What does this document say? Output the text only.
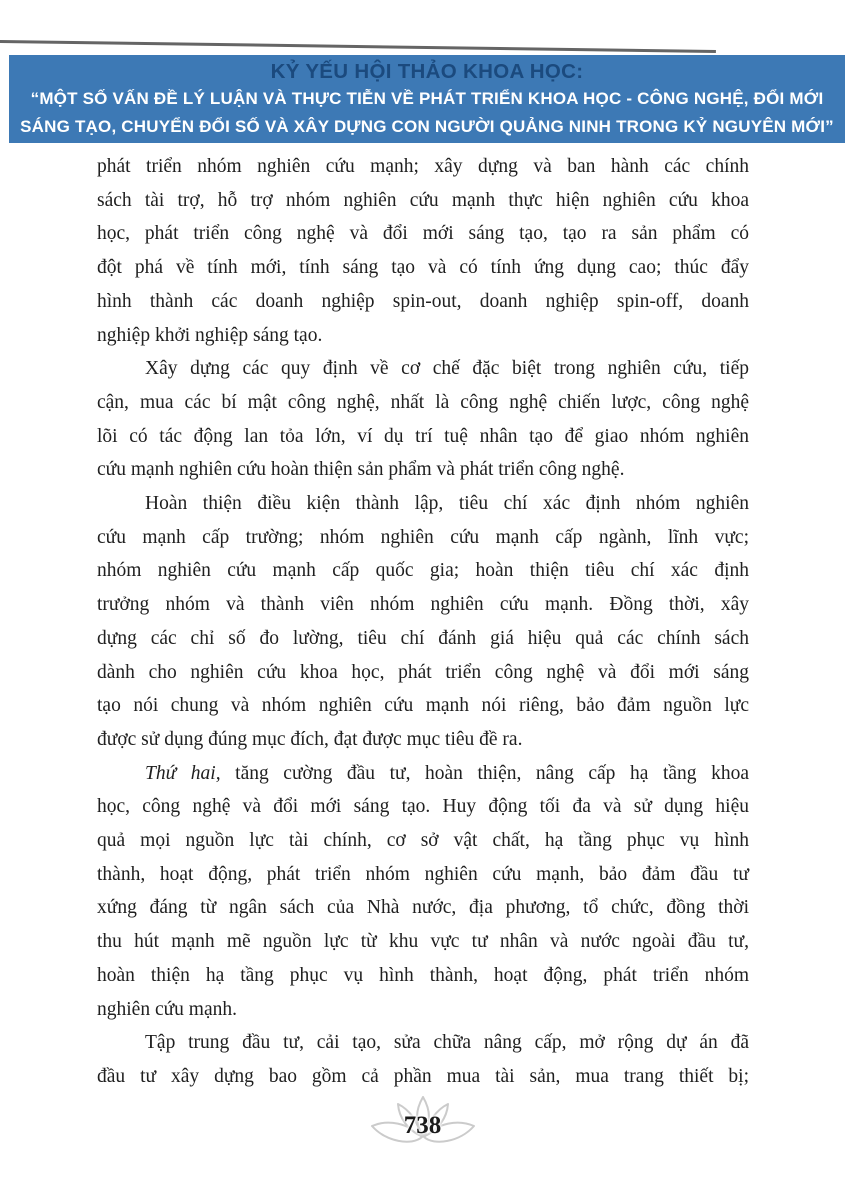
KỶ YẾU HỘI THẢO KHOA HỌC:
“MỘT SỐ VẤN ĐỀ LÝ LUẬN VÀ THỰC TIỄN VỀ PHÁT TRIỂN KHOA HỌC - CÔNG NGHỆ, ĐỔI MỚI
SÁNG TẠO, CHUYỂN ĐỔI SỐ VÀ XÂY DỰNG CON NGƯỜI QUẢNG NINH TRONG KỶ NGUYÊN MỚI”
phát triển nhóm nghiên cứu mạnh; xây dựng và ban hành các chính
sách tài trợ, hỗ trợ nhóm nghiên cứu mạnh thực hiện nghiên cứu khoa
học, phát triển công nghệ và đổi mới sáng tạo, tạo ra sản phẩm có
đột phá về tính mới, tính sáng tạo và có tính ứng dụng cao; thúc đẩy
hình thành các doanh nghiệp spin-out, doanh nghiệp spin-off, doanh
nghiệp khởi nghiệp sáng tạo.
Xây dựng các quy định về cơ chế đặc biệt trong nghiên cứu, tiếp
cận, mua các bí mật công nghệ, nhất là công nghệ chiến lược, công nghệ
lõi có tác động lan tỏa lớn, ví dụ trí tuệ nhân tạo để giao nhóm nghiên
cứu mạnh nghiên cứu hoàn thiện sản phẩm và phát triển công nghệ.
Hoàn thiện điều kiện thành lập, tiêu chí xác định nhóm nghiên
cứu mạnh cấp trường; nhóm nghiên cứu mạnh cấp ngành, lĩnh vực;
nhóm nghiên cứu mạnh cấp quốc gia; hoàn thiện tiêu chí xác định
trưởng nhóm và thành viên nhóm nghiên cứu mạnh. Đồng thời, xây
dựng các chỉ số đo lường, tiêu chí đánh giá hiệu quả các chính sách
dành cho nghiên cứu khoa học, phát triển công nghệ và đổi mới sáng
tạo nói chung và nhóm nghiên cứu mạnh nói riêng, bảo đảm nguồn lực
được sử dụng đúng mục đích, đạt được mục tiêu đề ra.
Thứ hai, tăng cường đầu tư, hoàn thiện, nâng cấp hạ tầng khoa
học, công nghệ và đổi mới sáng tạo. Huy động tối đa và sử dụng hiệu
quả mọi nguồn lực tài chính, cơ sở vật chất, hạ tầng phục vụ hình
thành, hoạt động, phát triển nhóm nghiên cứu mạnh, bảo đảm đầu tư
xứng đáng từ ngân sách của Nhà nước, địa phương, tổ chức, đồng thời
thu hút mạnh mẽ nguồn lực từ khu vực tư nhân và nước ngoài đầu tư,
hoàn thiện hạ tầng phục vụ hình thành, hoạt động, phát triển nhóm
nghiên cứu mạnh.
Tập trung đầu tư, cải tạo, sửa chữa nâng cấp, mở rộng dự án đã
đầu tư xây dựng bao gồm cả phần mua tài sản, mua trang thiết bị;
738
